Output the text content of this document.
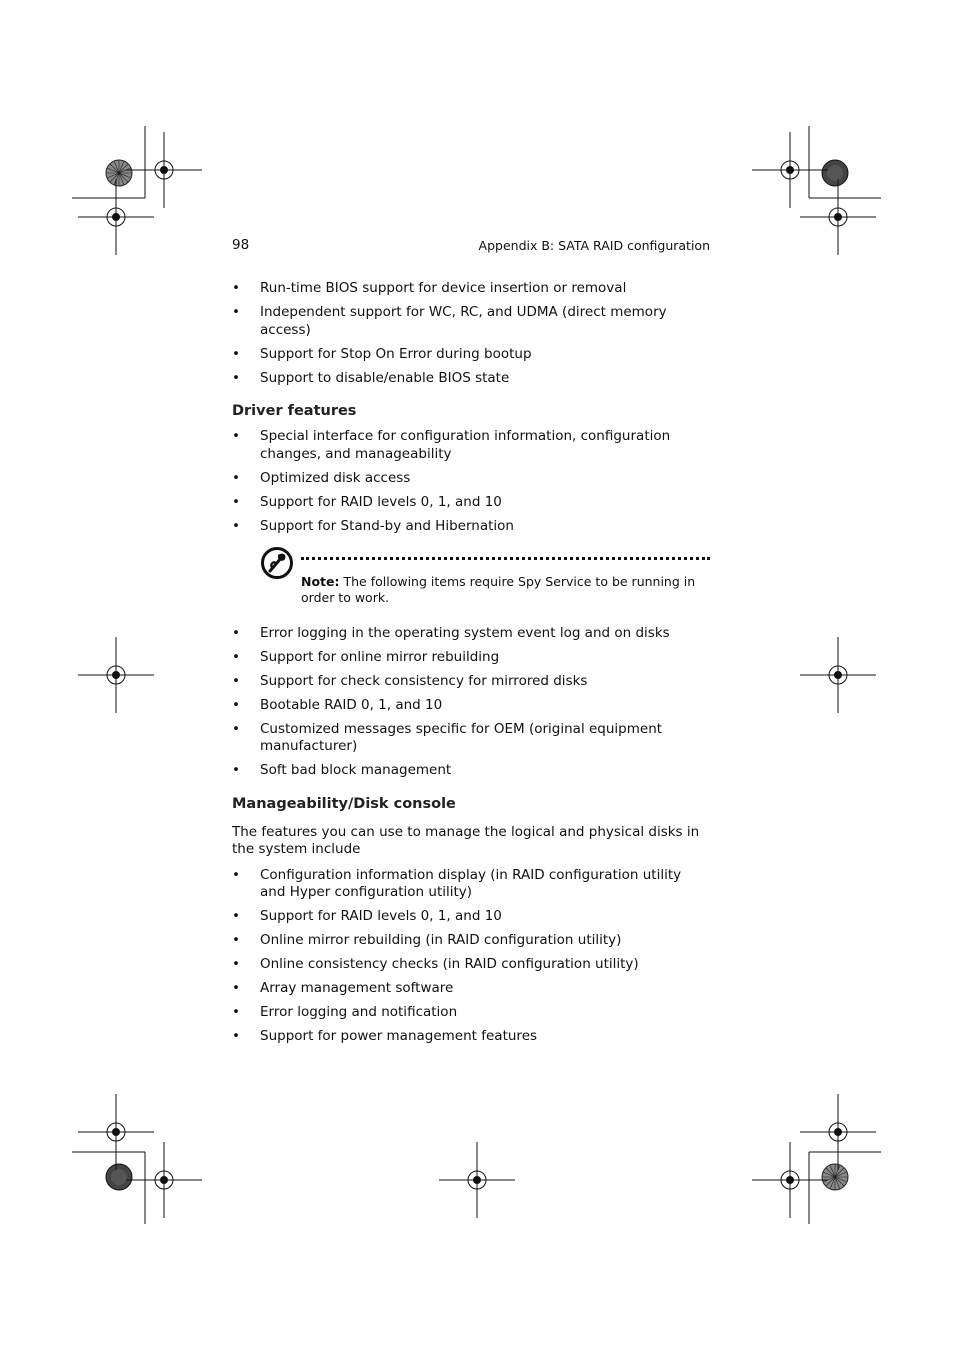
98	Appendix B: SATA RAID configuration
• Run-time BIOS support for device insertion or removal
• Independent support for WC, RC, and UDMA (direct memory access)
• Support for Stop On Error during bootup
• Support to disable/enable BIOS state
Driver features
• Special interface for configuration information, configuration changes, and manageability
• Optimized disk access
• Support for RAID levels 0, 1, and 10
• Support for Stand-by and Hibernation
Note: The following items require Spy Service to be running in order to work.
• Error logging in the operating system event log and on disks
• Support for online mirror rebuilding
• Support for check consistency for mirrored disks
• Bootable RAID 0, 1, and 10
• Customized messages specific for OEM (original equipment manufacturer)
• Soft bad block management
Manageability/Disk console

The features you can use to manage the logical and physical disks in the system include

• Configuration information display (in RAID configuration utility and Hyper configuration utility)
• Support for RAID levels 0, 1, and 10
• Online mirror rebuilding (in RAID configuration utility)
• Online consistency checks (in RAID configuration utility)
• Array management software
• Error logging and notification
• Support for power management features
